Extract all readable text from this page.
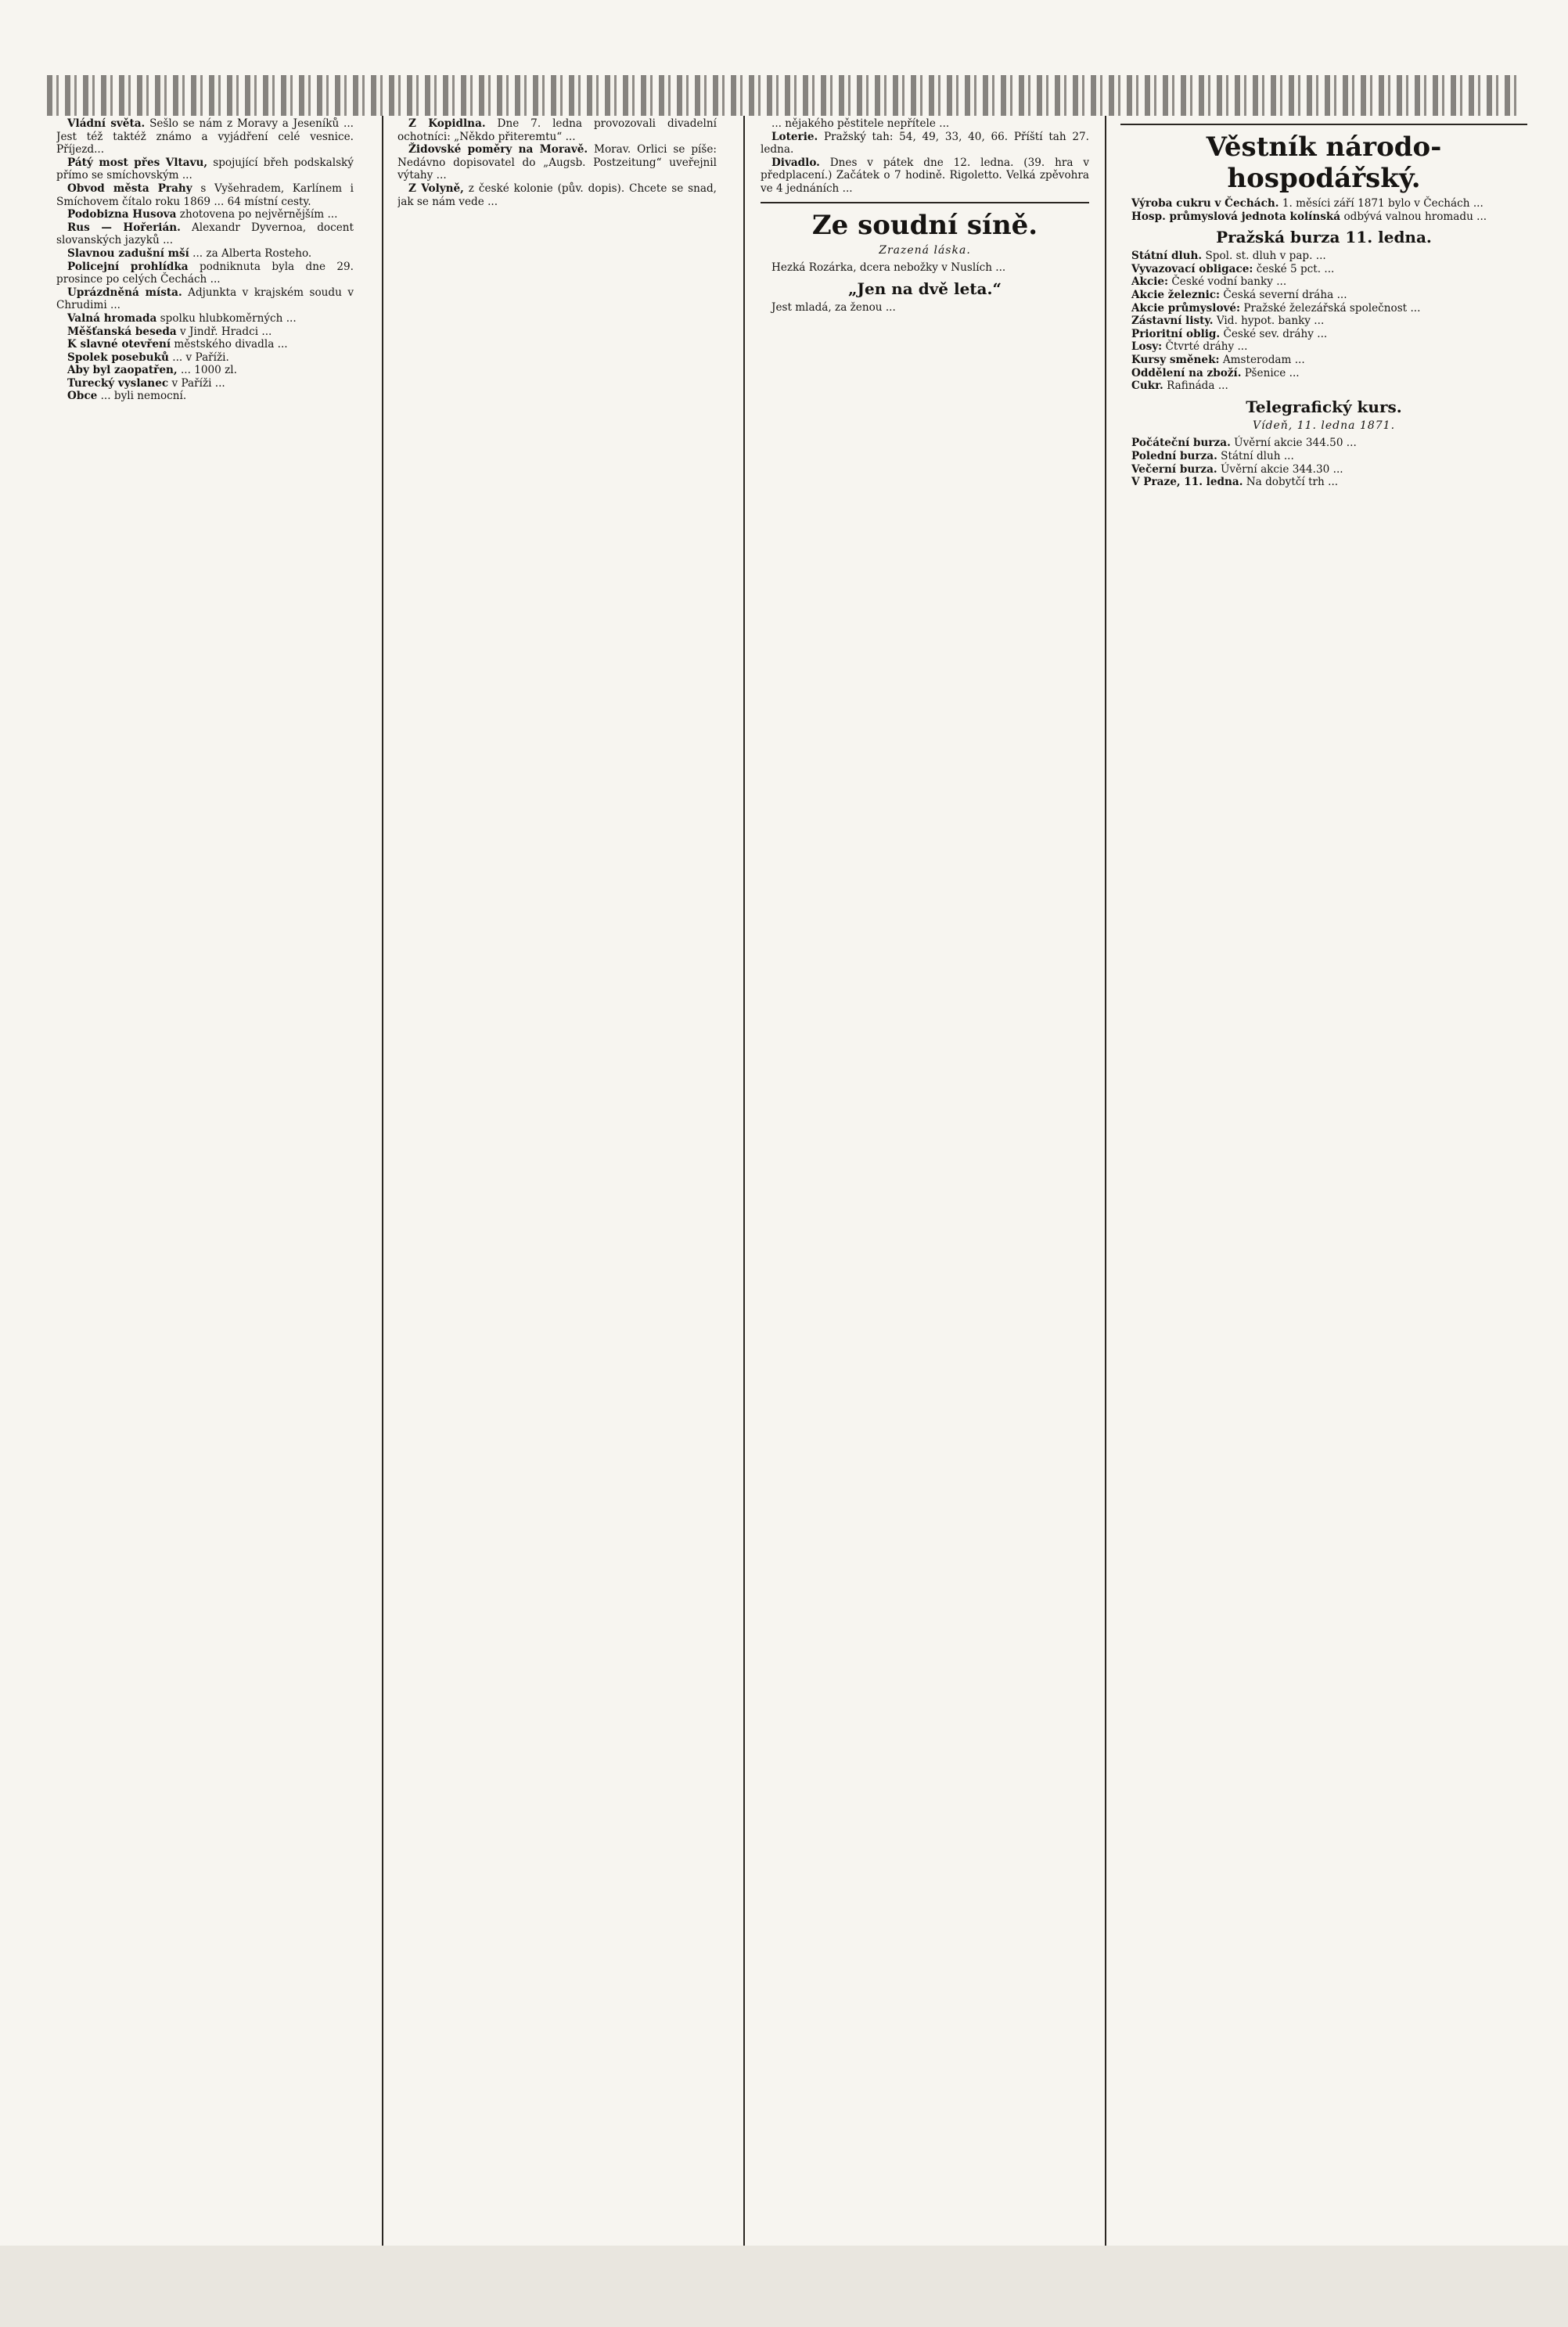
Vládní světa. Sešlo se nám z Moravy a Jeseníků ... Jest též taktéž známo a vyjádření celé vesnice. Příjezd...

Pátý most přes Vltavu, spojující břeh podskalský přímo se smíchovským ...

Obvod města Prahy s Vyšehradem, Karlínem i Smíchovem čítalo roku 1869 ... 64 místní cesty.

Podobizna Husova zhotovena po nejvěrnějším ...

Rus — Hořerián. Alexandr Dyvernoa, docent slovanských jazyků ...

Slavnou zadušní mší ... za Alberta Rosteho.

Policejní prohlídka podniknuta byla dne 29. prosince po celých Čechách ...

Uprázdněná místa. Adjunkta v krajském soudu v Chrudimi ...

Valná hromada spolku hlubkoměrných ...

Měšťanská beseda v Jindř. Hradci ...

K slavné otevření městského divadla ...

Spolek posebuků ... v Paříži.

Aby byl zaopatřen, ... 1000 zl.

Turecký vyslanec v Paříži ...

Obce ... byli nemocní.

Z Kopidlna. Dne 7. ledna provozovali divadelní ochotníci: „Někdo přiteremtu“ ...

Židovské poměry na Moravě. Morav. Orlici se píše: Nedávno dopisovatel do „Augsb. Postzeitung“ uveřejnil výtahy ...

Z Volyně, z české kolonie (pův. dopis). Chcete se snad, jak se nám vede ...

... nějakého pěstitele nepřítele ...

Loterie. Pražský tah: 54, 49, 33, 40, 66. Příští tah 27. ledna.

Divadlo. Dnes v pátek dne 12. ledna. (39. hra v předplacení.) Začátek o 7 hodině. Rigoletto. Velká zpěvohra ve 4 jednáních ...

Ze soudní síně.
Zrazená láska.

Hezká Rozárka, dcera nebožky v Nuslích ...

„Jen na dvě leta.“

Jest mladá, za ženou ...

Věstník národo-hospodářský.

Výroba cukru v Čechách. 1. měsíci září 1871 bylo v Čechách ...

Hosp. průmyslová jednota kolínská odbývá valnou hromadu ...

Pražská burza 11. ledna.

Státní dluh. Spol. st. dluh v pap. ...

Vyvazovací obligace: české 5 pct. ...

Akcie: České vodní banky ...

Akcie železnic: Česká severní dráha ...

Akcie průmyslové: Pražské železářská společnost ...

Zástavní listy. Vid. hypot. banky ...

Prioritní oblig. České sev. dráhy ...

Losy: Čtvrté dráhy ...

Kursy směnek: Amsterodam ...

Oddělení na zboží. Pšenice ...

Cukr. Rafináda ...

Telegrafický kurs.
Vídeň, 11. ledna 1871.

Počáteční burza. Úvěrní akcie 344.50 ...

Polední burza. Státní dluh ...

Večerní burza. Úvěrní akcie 344.30 ...

V Praze, 11. ledna. Na dobytčí trh ...
